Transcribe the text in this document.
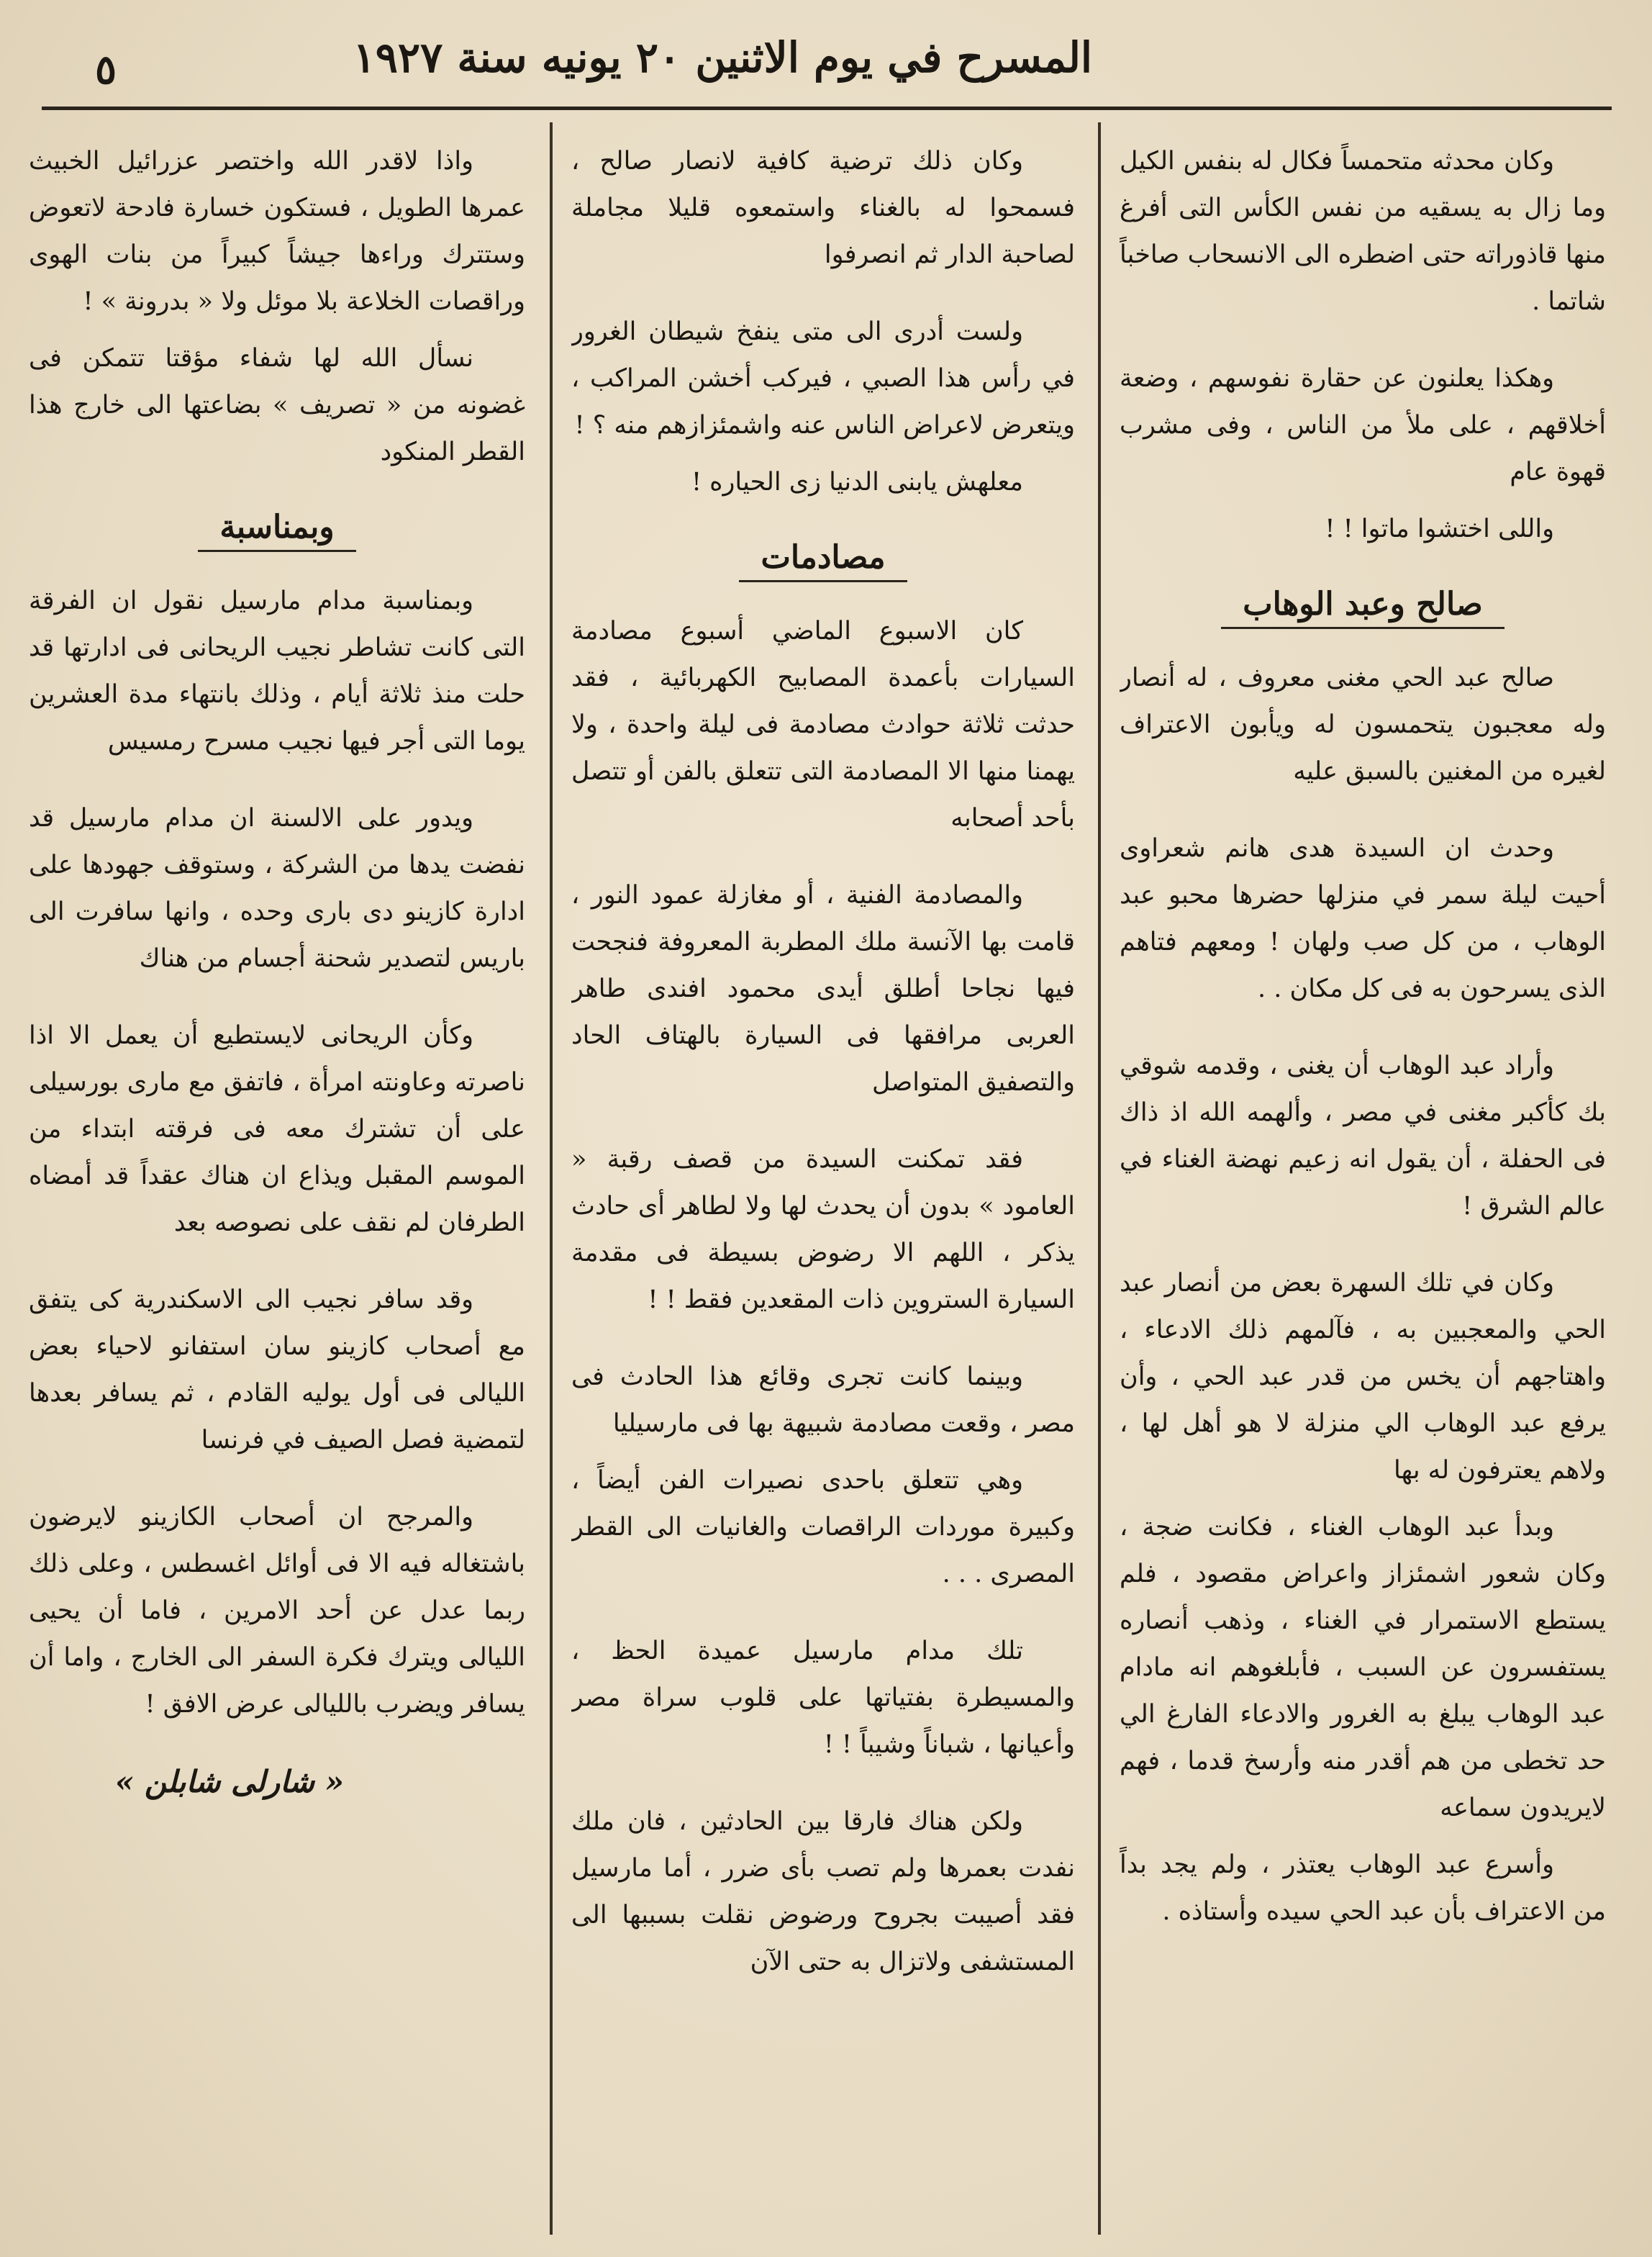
المسرح في يوم الاثنين ٢٠ يونيه سنة ١٩٢٧
٥

وكان محدثه متحمساً فكال له بنفس الكيل وما زال به يسقيه من نفس الكأس التى أفرغ منها قاذوراته حتى اضطره الى الانسحاب صاخباً شاتما .

وهكذا يعلنون عن حقارة نفوسهم ، وضعة أخلاقهم ، على ملأ من الناس ، وفى مشرب قهوة عام

واللى اختشوا ماتوا ! !

صالح وعبد الوهاب

صالح عبد الحي مغنى معروف ، له أنصار وله معجبون يتحمسون له ويأبون الاعتراف لغيره من المغنين بالسبق عليه

وحدث ان السيدة هدى هانم شعراوى أحيت ليلة سمر في منزلها حضرها محبو عبد الوهاب ، من كل صب ولهان ! ومعهم فتاهم الذى يسرحون به فى كل مكان . .

وأراد عبد الوهاب أن يغنى ، وقدمه شوقي بك كأكبر مغنى في مصر ، وألهمه الله اذ ذاك فى الحفلة ، أن يقول انه زعيم نهضة الغناء في عالم الشرق !

وكان في تلك السهرة بعض من أنصار عبد الحي والمعجبين به ، فآلمهم ذلك الادعاء ، واهتاجهم أن يخس من قدر عبد الحي ، وأن يرفع عبد الوهاب الي منزلة لا هو أهل لها ، ولاهم يعترفون له بها

وبدأ عبد الوهاب الغناء ، فكانت ضجة ، وكان شعور اشمئزاز واعراض مقصود ، فلم يستطع الاستمرار في الغناء ، وذهب أنصاره يستفسرون عن السبب ، فأبلغوهم انه مادام عبد الوهاب يبلغ به الغرور والادعاء الفارغ الي حد تخطى من هم أقدر منه وأرسخ قدما ، فهم لايريدون سماعه

وأسرع عبد الوهاب يعتذر ، ولم يجد بداً من الاعتراف بأن عبد الحي سيده وأستاذه .

وكان ذلك ترضية كافية لانصار صالح ، فسمحوا له بالغناء واستمعوه قليلا مجاملة لصاحبة الدار ثم انصرفوا

ولست أدرى الى متى ينفخ شيطان الغرور في رأس هذا الصبي ، فيركب أخشن المراكب ، ويتعرض لاعراض الناس عنه واشمئزازهم منه ؟ !

معلهش يابنى الدنيا زى الحياره !

مصادمات

كان الاسبوع الماضي أسبوع مصادمة السيارات بأعمدة المصابيح الكهربائية ، فقد حدثت ثلاثة حوادث مصادمة فى ليلة واحدة ، ولا يهمنا منها الا المصادمة التى تتعلق بالفن أو تتصل بأحد أصحابه

والمصادمة الفنية ، أو مغازلة عمود النور ، قامت بها الآنسة ملك المطربة المعروفة فنجحت فيها نجاحا أطلق أيدى محمود افندى طاهر العربى مرافقها فى السيارة بالهتاف الحاد والتصفيق المتواصل

فقد تمكنت السيدة من قصف رقبة « العامود » بدون أن يحدث لها ولا لطاهر أى حادث يذكر ، اللهم الا رضوض بسيطة فى مقدمة السيارة الستروين ذات المقعدين فقط ! !

وبينما كانت تجرى وقائع هذا الحادث فى مصر ، وقعت مصادمة شبيهة بها فى مارسيليا

وهي تتعلق باحدى نصيرات الفن أيضاً ، وكبيرة موردات الراقصات والغانيات الى القطر المصرى . . .

تلك مدام مارسيل عميدة الحظ ، والمسيطرة بفتياتها على قلوب سراة مصر وأعيانها ، شباناً وشيباً ! !

ولكن هناك فارقا بين الحادثين ، فان ملك نفدت بعمرها ولم تصب بأى ضرر ، أما مارسيل فقد أصيبت بجروح ورضوض نقلت بسببها الى المستشفى ولاتزال به حتى الآن

واذا لاقدر الله واختصر عزرائيل الخبيث عمرها الطويل ، فستكون خسارة فادحة لاتعوض وستترك وراءها جيشاً كبيراً من بنات الهوى وراقصات الخلاعة بلا موئل ولا « بدرونة » !

نسأل الله لها شفاء مؤقتا تتمكن فى غضونه من « تصريف » بضاعتها الى خارج هذا القطر المنكود

وبمناسبة

وبمناسبة مدام مارسيل نقول ان الفرقة التى كانت تشاطر نجيب الريحانى فى ادارتها قد حلت منذ ثلاثة أيام ، وذلك بانتهاء مدة العشرين يوما التى أجر فيها نجيب مسرح رمسيس

ويدور على الالسنة ان مدام مارسيل قد نفضت يدها من الشركة ، وستوقف جهودها على ادارة كازينو دى بارى وحده ، وانها سافرت الى باريس لتصدير شحنة أجسام من هناك

وكأن الريحانى لايستطيع أن يعمل الا اذا ناصرته وعاونته امرأة ، فاتفق مع مارى بورسيلى على أن تشترك معه فى فرقته ابتداء من الموسم المقبل ويذاع ان هناك عقداً قد أمضاه الطرفان لم نقف على نصوصه بعد

وقد سافر نجيب الى الاسكندرية كى يتفق مع أصحاب كازينو سان استفانو لاحياء بعض الليالى فى أول يوليه القادم ، ثم يسافر بعدها لتمضية فصل الصيف في فرنسا

والمرجح ان أصحاب الكازينو لايرضون باشتغاله فيه الا فى أوائل اغسطس ، وعلى ذلك ربما عدل عن أحد الامرين ، فاما أن يحيى الليالى ويترك فكرة السفر الى الخارج ، واما أن يسافر ويضرب بالليالى عرض الافق !

« شارلى شابلن »
